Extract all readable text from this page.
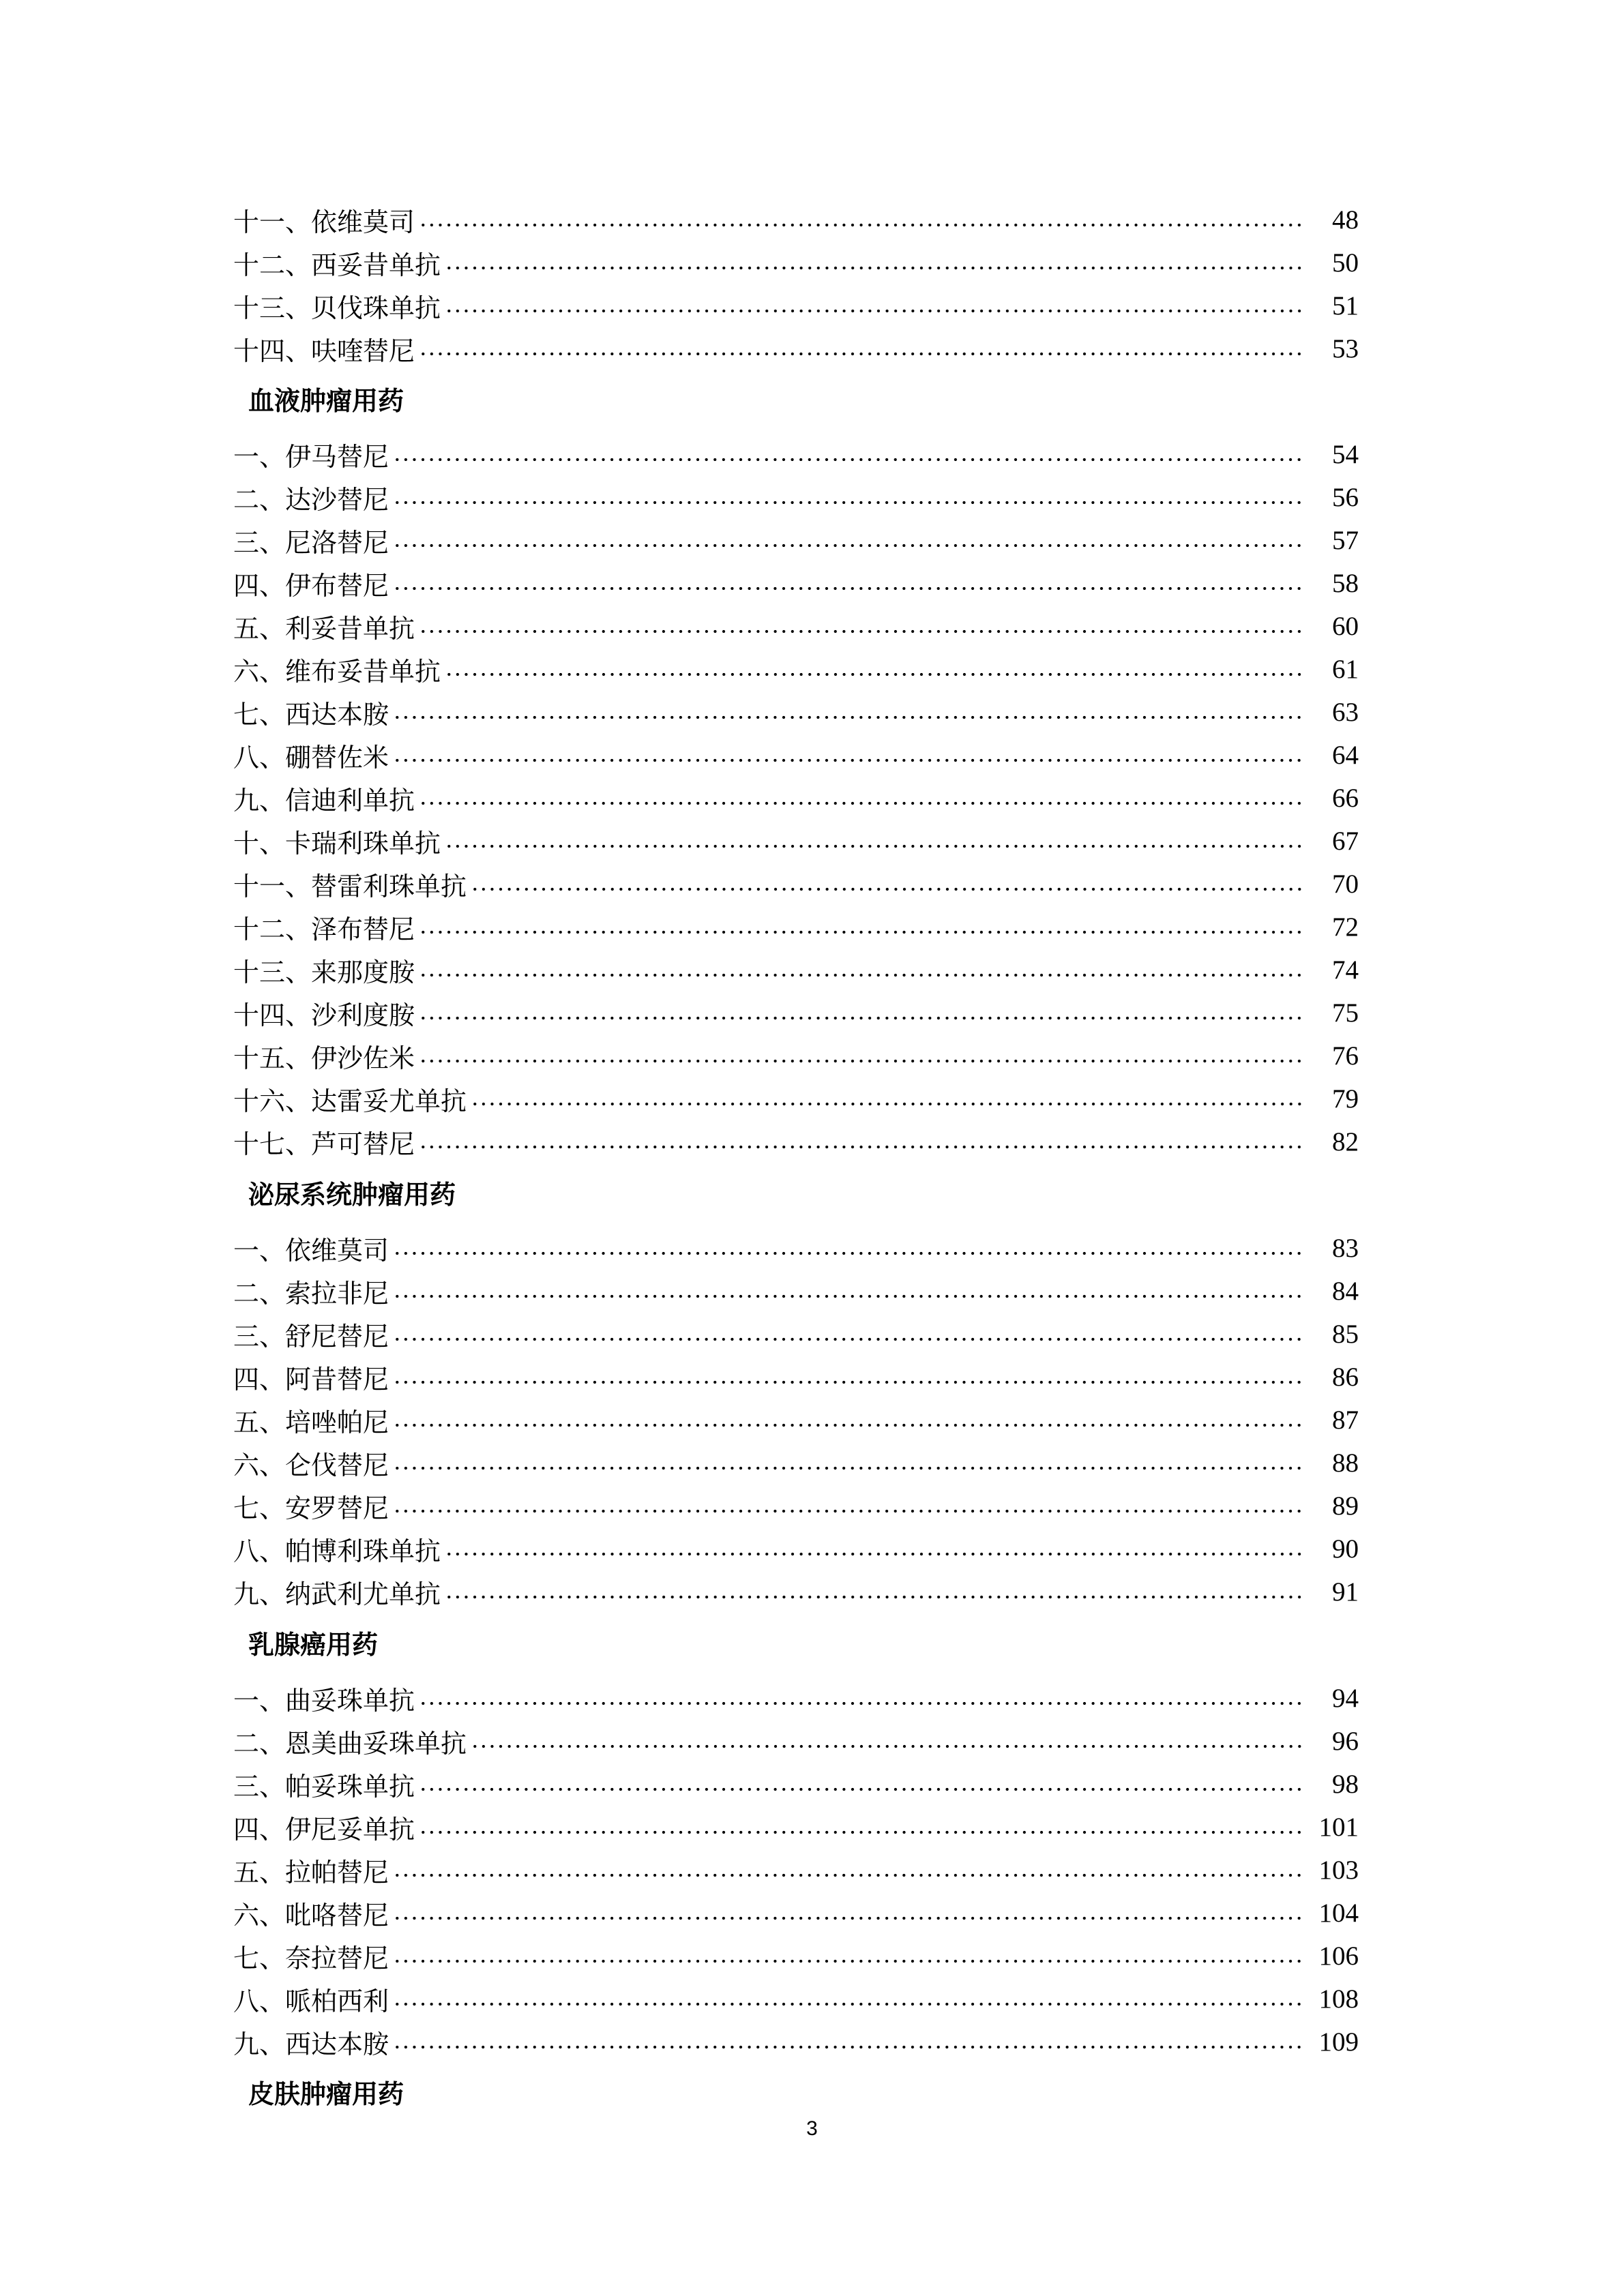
十一、依维莫司	48
十二、西妥昔单抗	50
十三、贝伐珠单抗	51
十四、呋喹替尼	53
血液肿瘤用药
一、伊马替尼	54
二、达沙替尼	56
三、尼洛替尼	57
四、伊布替尼	58
五、利妥昔单抗	60
六、维布妥昔单抗	61
七、西达本胺	63
八、硼替佐米	64
九、信迪利单抗	66
十、卡瑞利珠单抗	67
十一、替雷利珠单抗	70
十二、泽布替尼	72
十三、来那度胺	74
十四、沙利度胺	75
十五、伊沙佐米	76
十六、达雷妥尤单抗	79
十七、芦可替尼	82
泌尿系统肿瘤用药
一、依维莫司	83
二、索拉非尼	84
三、舒尼替尼	85
四、阿昔替尼	86
五、培唑帕尼	87
六、仑伐替尼	88
七、安罗替尼	89
八、帕博利珠单抗	90
九、纳武利尤单抗	91
乳腺癌用药
一、曲妥珠单抗	94
二、恩美曲妥珠单抗	96
三、帕妥珠单抗	98
四、伊尼妥单抗	101
五、拉帕替尼	103
六、吡咯替尼	104
七、奈拉替尼	106
八、哌柏西利	108
九、西达本胺	109
皮肤肿瘤用药
3
